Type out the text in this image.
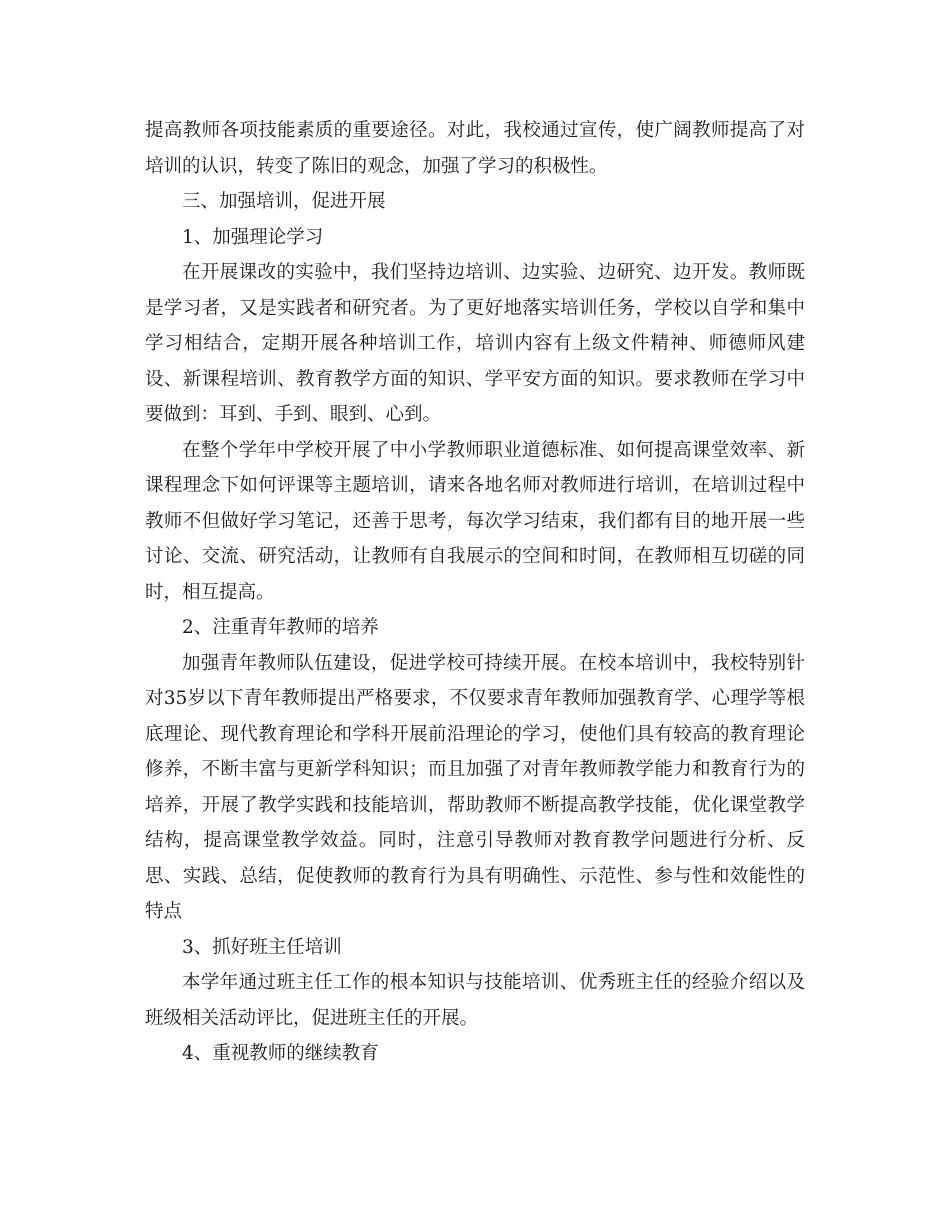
提高教师各项技能素质的重要途径。对此，我校通过宣传，使广阔教师提高了对培训的认识，转变了陈旧的观念，加强了学习的积极性。

三、加强培训，促进开展

1、加强理论学习

在开展课改的实验中，我们坚持边培训、边实验、边研究、边开发。教师既是学习者，又是实践者和研究者。为了更好地落实培训任务，学校以自学和集中学习相结合，定期开展各种培训工作，培训内容有上级文件精神、师德师风建设、新课程培训、教育教学方面的知识、学平安方面的知识。要求教师在学习中要做到：耳到、手到、眼到、心到。

在整个学年中学校开展了中小学教师职业道德标准、如何提高课堂效率、新课程理念下如何评课等主题培训，请来各地名师对教师进行培训，在培训过程中教师不但做好学习笔记，还善于思考，每次学习结束，我们都有目的地开展一些讨论、交流、研究活动，让教师有自我展示的空间和时间，在教师相互切磋的同时，相互提高。

2、注重青年教师的培养

加强青年教师队伍建设，促进学校可持续开展。在校本培训中，我校特别针对35岁以下青年教师提出严格要求，不仅要求青年教师加强教育学、心理学等根底理论、现代教育理论和学科开展前沿理论的学习，使他们具有较高的教育理论修养，不断丰富与更新学科知识；而且加强了对青年教师教学能力和教育行为的培养，开展了教学实践和技能培训，帮助教师不断提高教学技能，优化课堂教学结构，提高课堂教学效益。同时，注意引导教师对教育教学问题进行分析、反思、实践、总结，促使教师的教育行为具有明确性、示范性、参与性和效能性的特点

3、抓好班主任培训

本学年通过班主任工作的根本知识与技能培训、优秀班主任的经验介绍以及班级相关活动评比，促进班主任的开展。

4、重视教师的继续教育
